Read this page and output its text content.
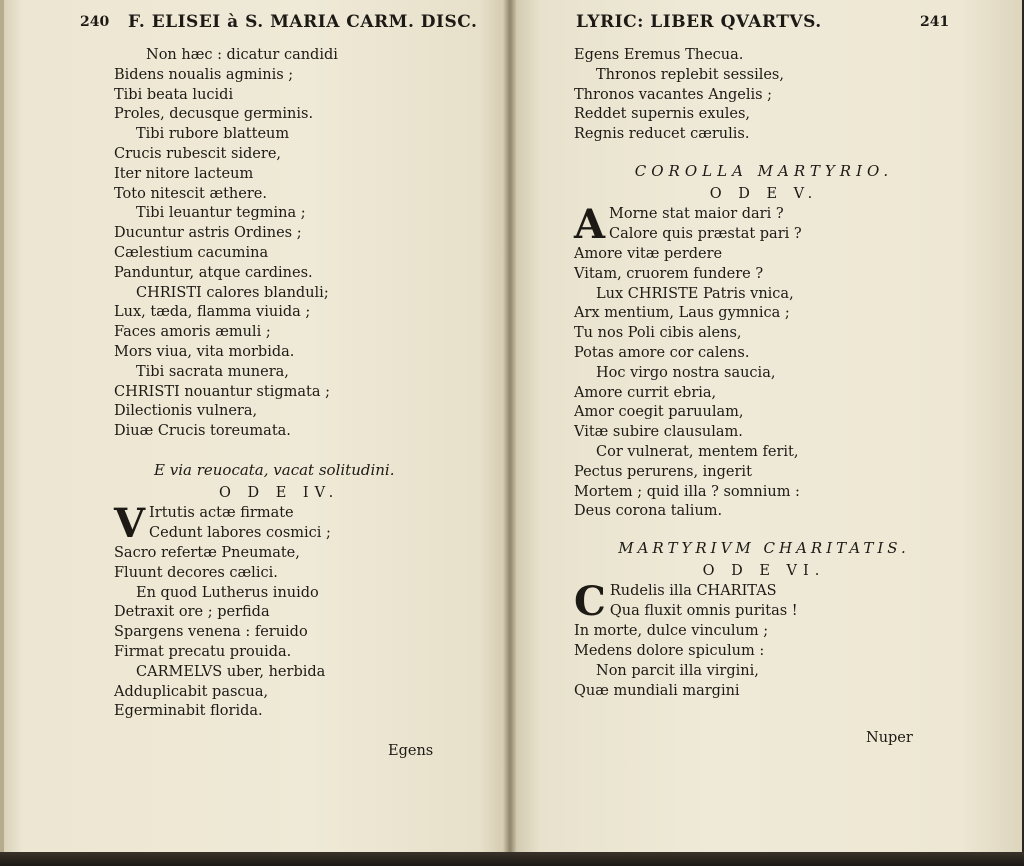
240 F. ELISEI à S. MARIA CARM. DISC.
Non hæc : dicatur candidi
Bidens noualis agminis ;
Tibi beata lucidi
Proles, decusque germinis.
Tibi rubore blatteum
Crucis rubescit sidere,
Iter nitore lacteum
Toto nitescit æthere.
Tibi leuantur tegmina ;
Ducuntur astris Ordines ;
Cælestium cacumina
Panduntur, atque cardines.
CHRISTI calores blanduli;
Lux, tæda, flamma viuida ;
Faces amoris æmuli ;
Mors viua, vita morbida.
Tibi sacrata munera,
CHRISTI nouantur stigmata ;
Dilectionis vulnera,
Diuæ Crucis toreumata.
E via reuocata, vacat solitudini.
O D E IV.
V Irtutis actæ firmate
Cedunt labores cosmici ;
Sacro refertæ Pneumate,
Fluunt decores cælici.
En quod Lutherus inuido
Detraxit ore ; perfida
Spargens venena : feruido
Firmat precatu prouida.
CARMELVS uber, herbida
Adduplicabit pascua,
Egerminabit florida.
Egens
LYRIC: LIBER QVARTVS.	241
Egens Eremus Thecua.
Thronos replebit sessiles,
Thronos vacantes Angelis ;
Reddet supernis exules,
Regnis reducet cærulis.
COROLLA MARTYRIO.
O D E V.
A Morne stat maior dari ?
Calore quis præstat pari ?
Amore vitæ perdere
Vitam, cruorem fundere ?
Lux CHRISTE Patris vnica,
Arx mentium, Laus gymnica ;
Tu nos Poli cibis alens,
Potas amore cor calens.
Hoc virgo nostra saucia,
Amore currit ebria,
Amor coegit paruulam,
Vitæ subire clausulam.
Cor vulnerat, mentem ferit,
Pectus perurens, ingerit
Mortem ; quid illa ? somnium :
Deus corona talium.
MARTYRIVM CHARITATIS.
O D E VI.
C Rudelis illa CHARITAS
Qua fluxit omnis puritas !
In morte, dulce vinculum ;
Medens dolore spiculum :
Non parcit illa virgini,
Quæ mundiali margini
Nuper
